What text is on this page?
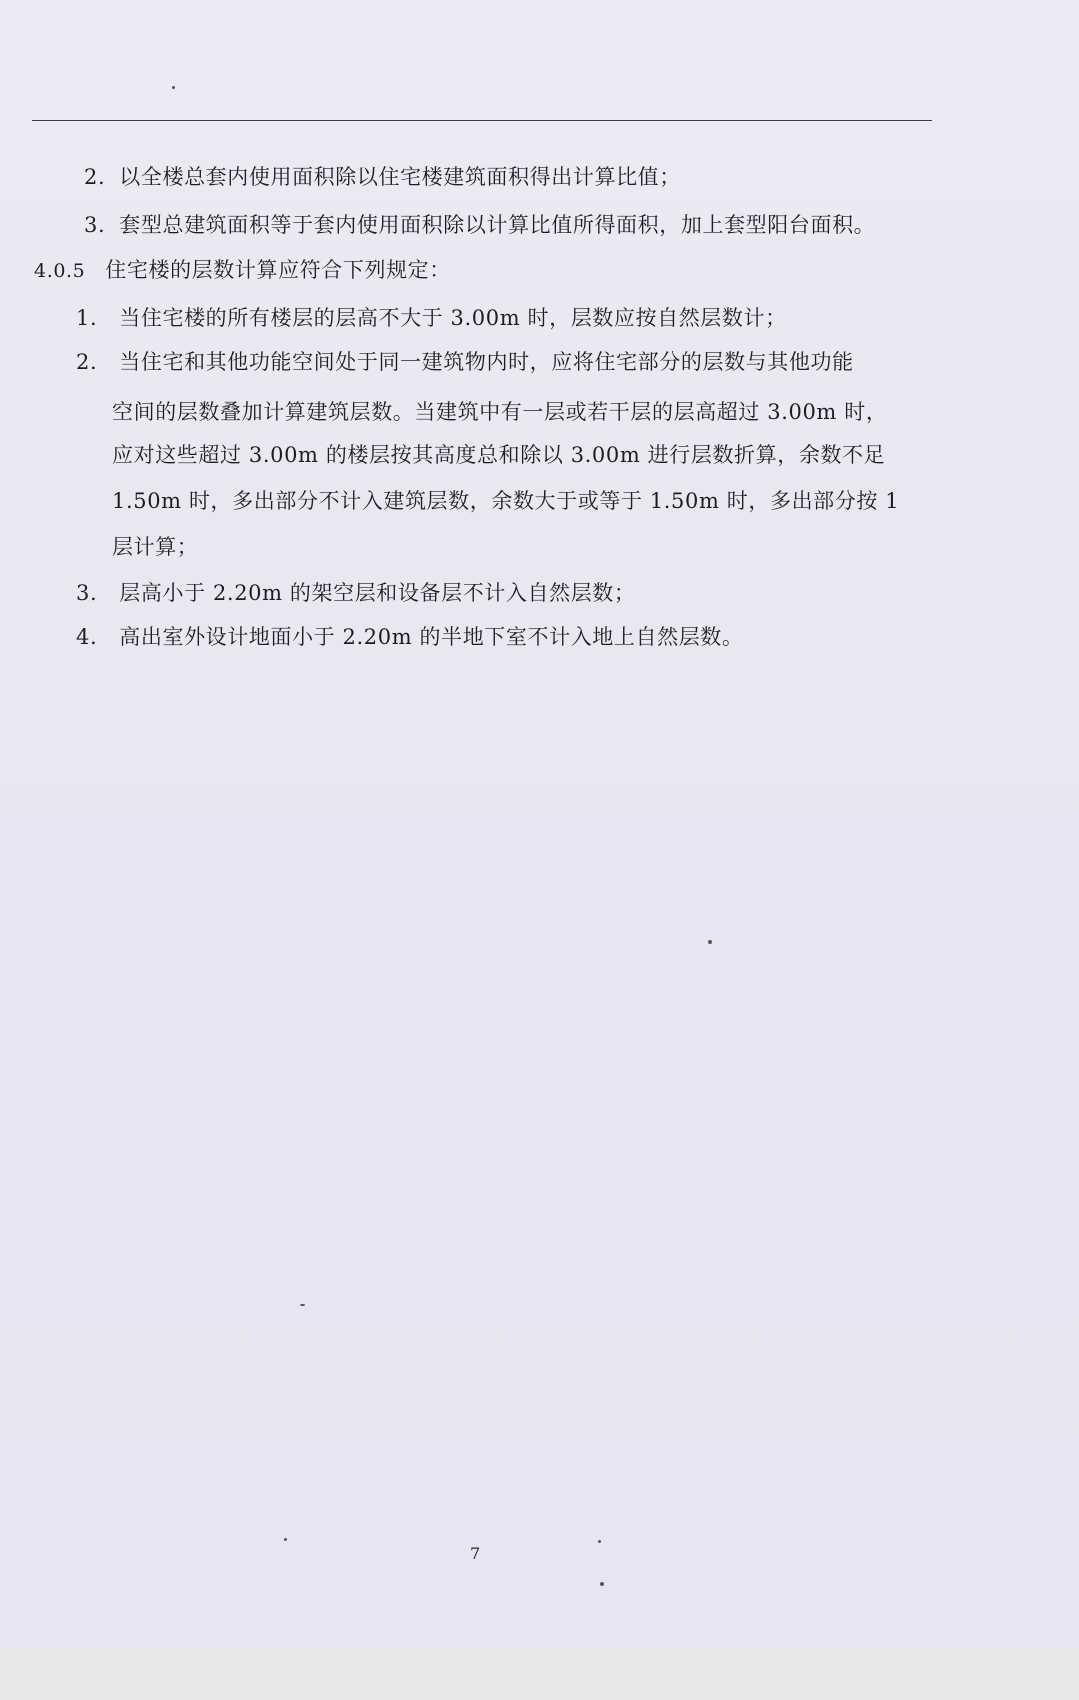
2. 以全楼总套内使用面积除以住宅楼建筑面积得出计算比值；
3. 套型总建筑面积等于套内使用面积除以计算比值所得面积，加上套型阳台面积。
4.0.5 住宅楼的层数计算应符合下列规定：
1. 当住宅楼的所有楼层的层高不大于 3.00m 时，层数应按自然层数计；
2. 当住宅和其他功能空间处于同一建筑物内时，应将住宅部分的层数与其他功能
空间的层数叠加计算建筑层数。当建筑中有一层或若干层的层高超过 3.00m 时，
应对这些超过 3.00m 的楼层按其高度总和除以 3.00m 进行层数折算，余数不足
1.50m 时，多出部分不计入建筑层数，余数大于或等于 1.50m 时，多出部分按 1
层计算；
3. 层高小于 2.20m 的架空层和设备层不计入自然层数；
4. 高出室外设计地面小于 2.20m 的半地下室不计入地上自然层数。
7
